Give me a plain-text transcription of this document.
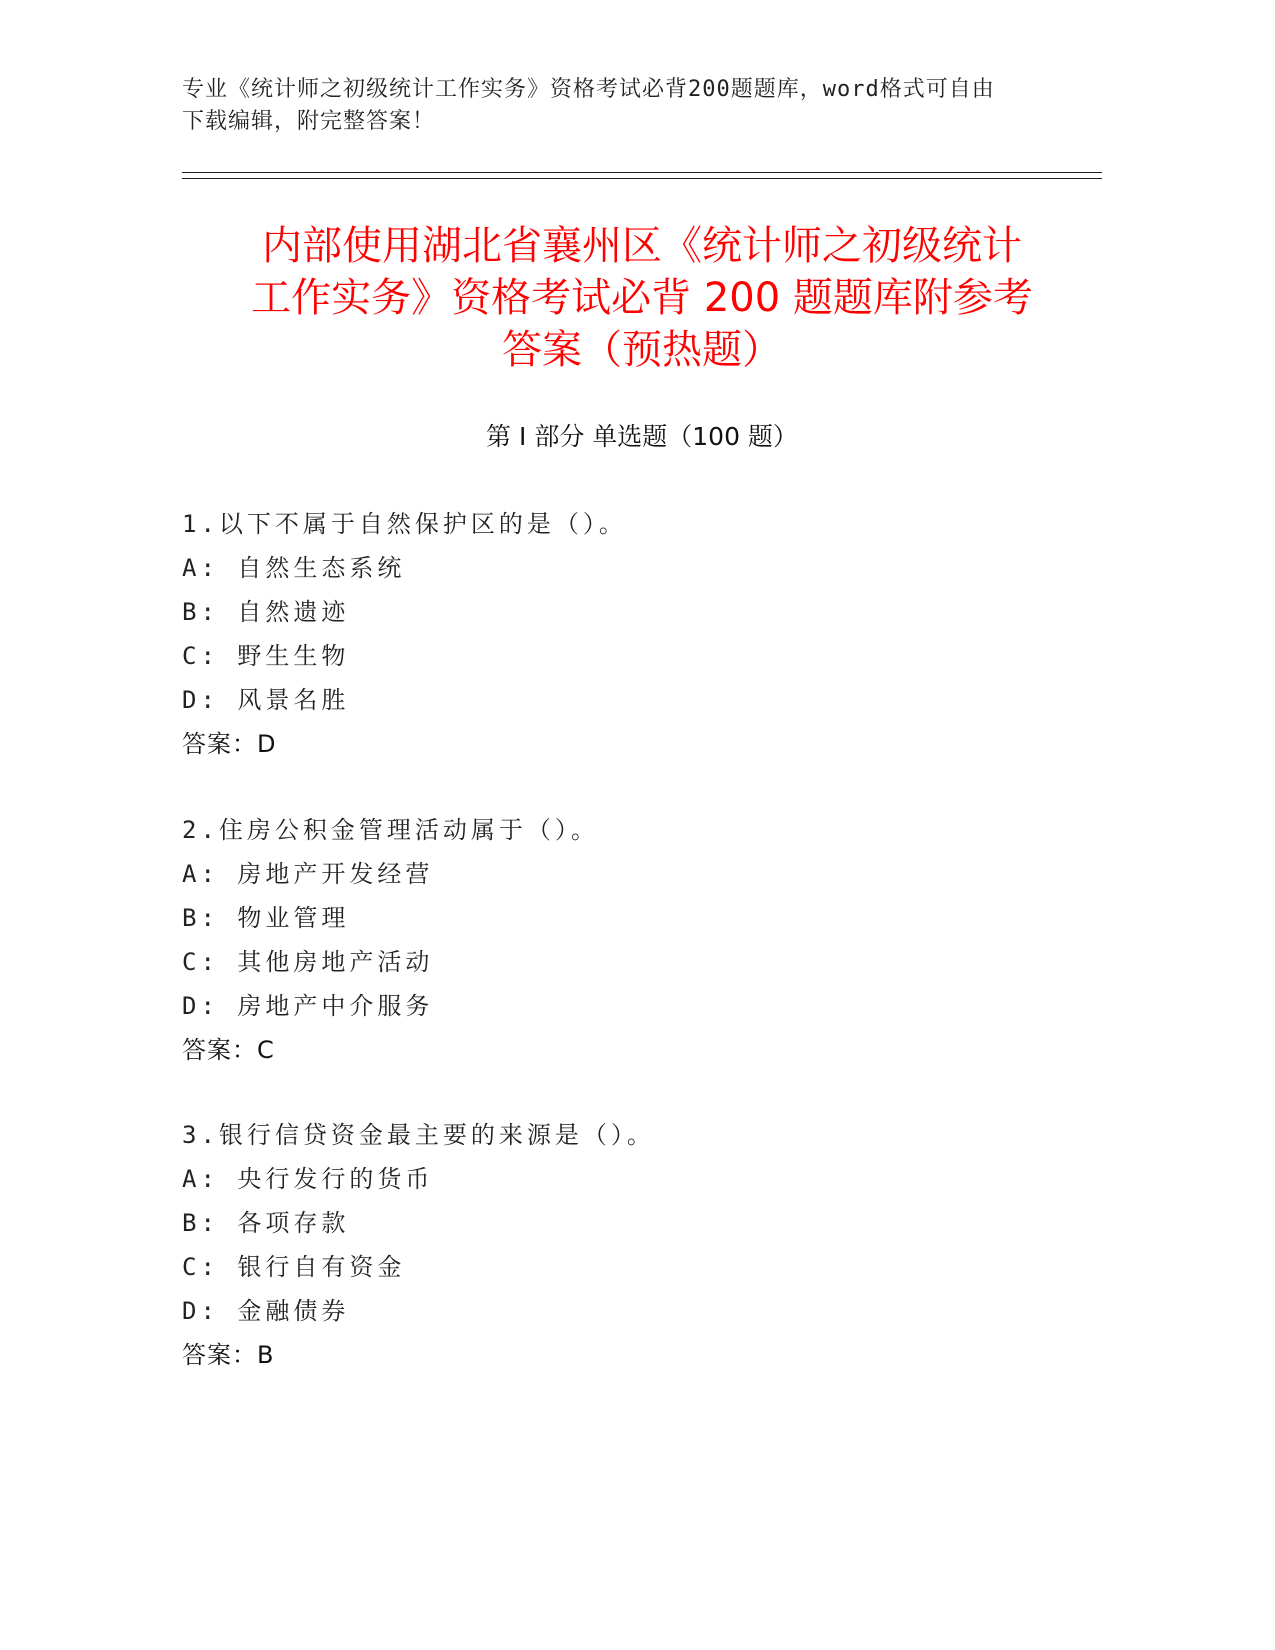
专业《统计师之初级统计工作实务》资格考试必背200题题库，word格式可自由
下载编辑，附完整答案！
内部使用湖北省襄州区《统计师之初级统计
工作实务》资格考试必背 200 题题库附参考
答案（预热题）
第 I 部分 单选题（100 题）
1.以下不属于自然保护区的是（）。
A: 自然生态系统
B: 自然遗迹
C: 野生生物
D: 风景名胜
答案：D
2.住房公积金管理活动属于（）。
A: 房地产开发经营
B: 物业管理
C: 其他房地产活动
D: 房地产中介服务
答案：C
3.银行信贷资金最主要的来源是（）。
A: 央行发行的货币
B: 各项存款
C: 银行自有资金
D: 金融债券
答案：B
